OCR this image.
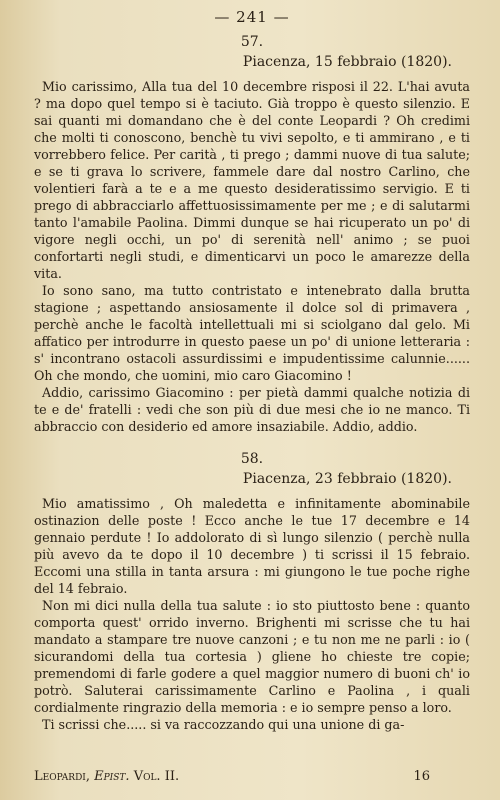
— 241 —
57.
Piacenza, 15 febbraio (1820).

Mio carissimo, Alla tua del 10 decembre risposi il 22. L'hai avuta ? ma dopo quel tempo si è taciuto. Già troppo è questo silenzio. E sai quanti mi domandano che è del conte Leopardi ? Oh credimi che molti ti conoscono, benchè tu vivi sepolto, e ti ammirano , e ti vorrebbero felice. Per carità , ti prego ; dammi nuove di tua salute; e se ti grava lo scrivere, fammele dare dal nostro Carlino, che volentieri farà a te e a me questo desideratissimo servigio. E ti prego di abbracciarlo affettuosissimamente per me ; e di salutarmi tanto l'amabile Paolina. Dimmi dunque se hai ricuperato un po' di vigore negli occhi, un po' di serenità nell' animo ; se puoi confortarti negli studi, e dimenticarvi un poco le amarezze della vita.

Io sono sano, ma tutto contristato e intenebrato dalla brutta stagione ; aspettando ansiosamente il dolce sol di primavera , perchè anche le facoltà intellettuali mi si sciolgano dal gelo. Mi affatico per introdurre in questo paese un po' di unione letteraria : s' incontrano ostacoli assurdissimi e impudentissime calunnie...... Oh che mondo, che uomini, mio caro Giacomino !

Addio, carissimo Giacomino : per pietà dammi qualche notizia di te e de' fratelli : vedi che son più di due mesi che io ne manco. Ti abbraccio con desiderio ed amore insaziabile. Addio, addio.

58.
Piacenza, 23 febbraio (1820).

Mio amatissimo , Oh maledetta e infinitamente abominabile ostinazion delle poste ! Ecco anche le tue 17 decembre e 14 gennaio perdute ! Io addolorato di sì lungo silenzio ( perchè nulla più avevo da te dopo il 10 decembre ) ti scrissi il 15 febraio. Eccomi una stilla in tanta arsura : mi giungono le tue poche righe del 14 febraio.

Non mi dici nulla della tua salute : io sto piuttosto bene : quanto comporta quest' orrido inverno. Brighenti mi scrisse che tu hai mandato a stampare tre nuove canzoni ; e tu non me ne parli : io ( sicurandomi della tua cortesia ) gliene ho chieste tre copie; premendomi di farle godere a quel maggior numero di buoni ch' io potrò. Saluterai carissimamente Carlino e Paolina , i quali cordialmente ringrazio della memoria : e io sempre penso a loro.

Ti scrissi che..... si va raccozzando qui una unione di ga-

Leopardi, Epist. Vol. II.	16
